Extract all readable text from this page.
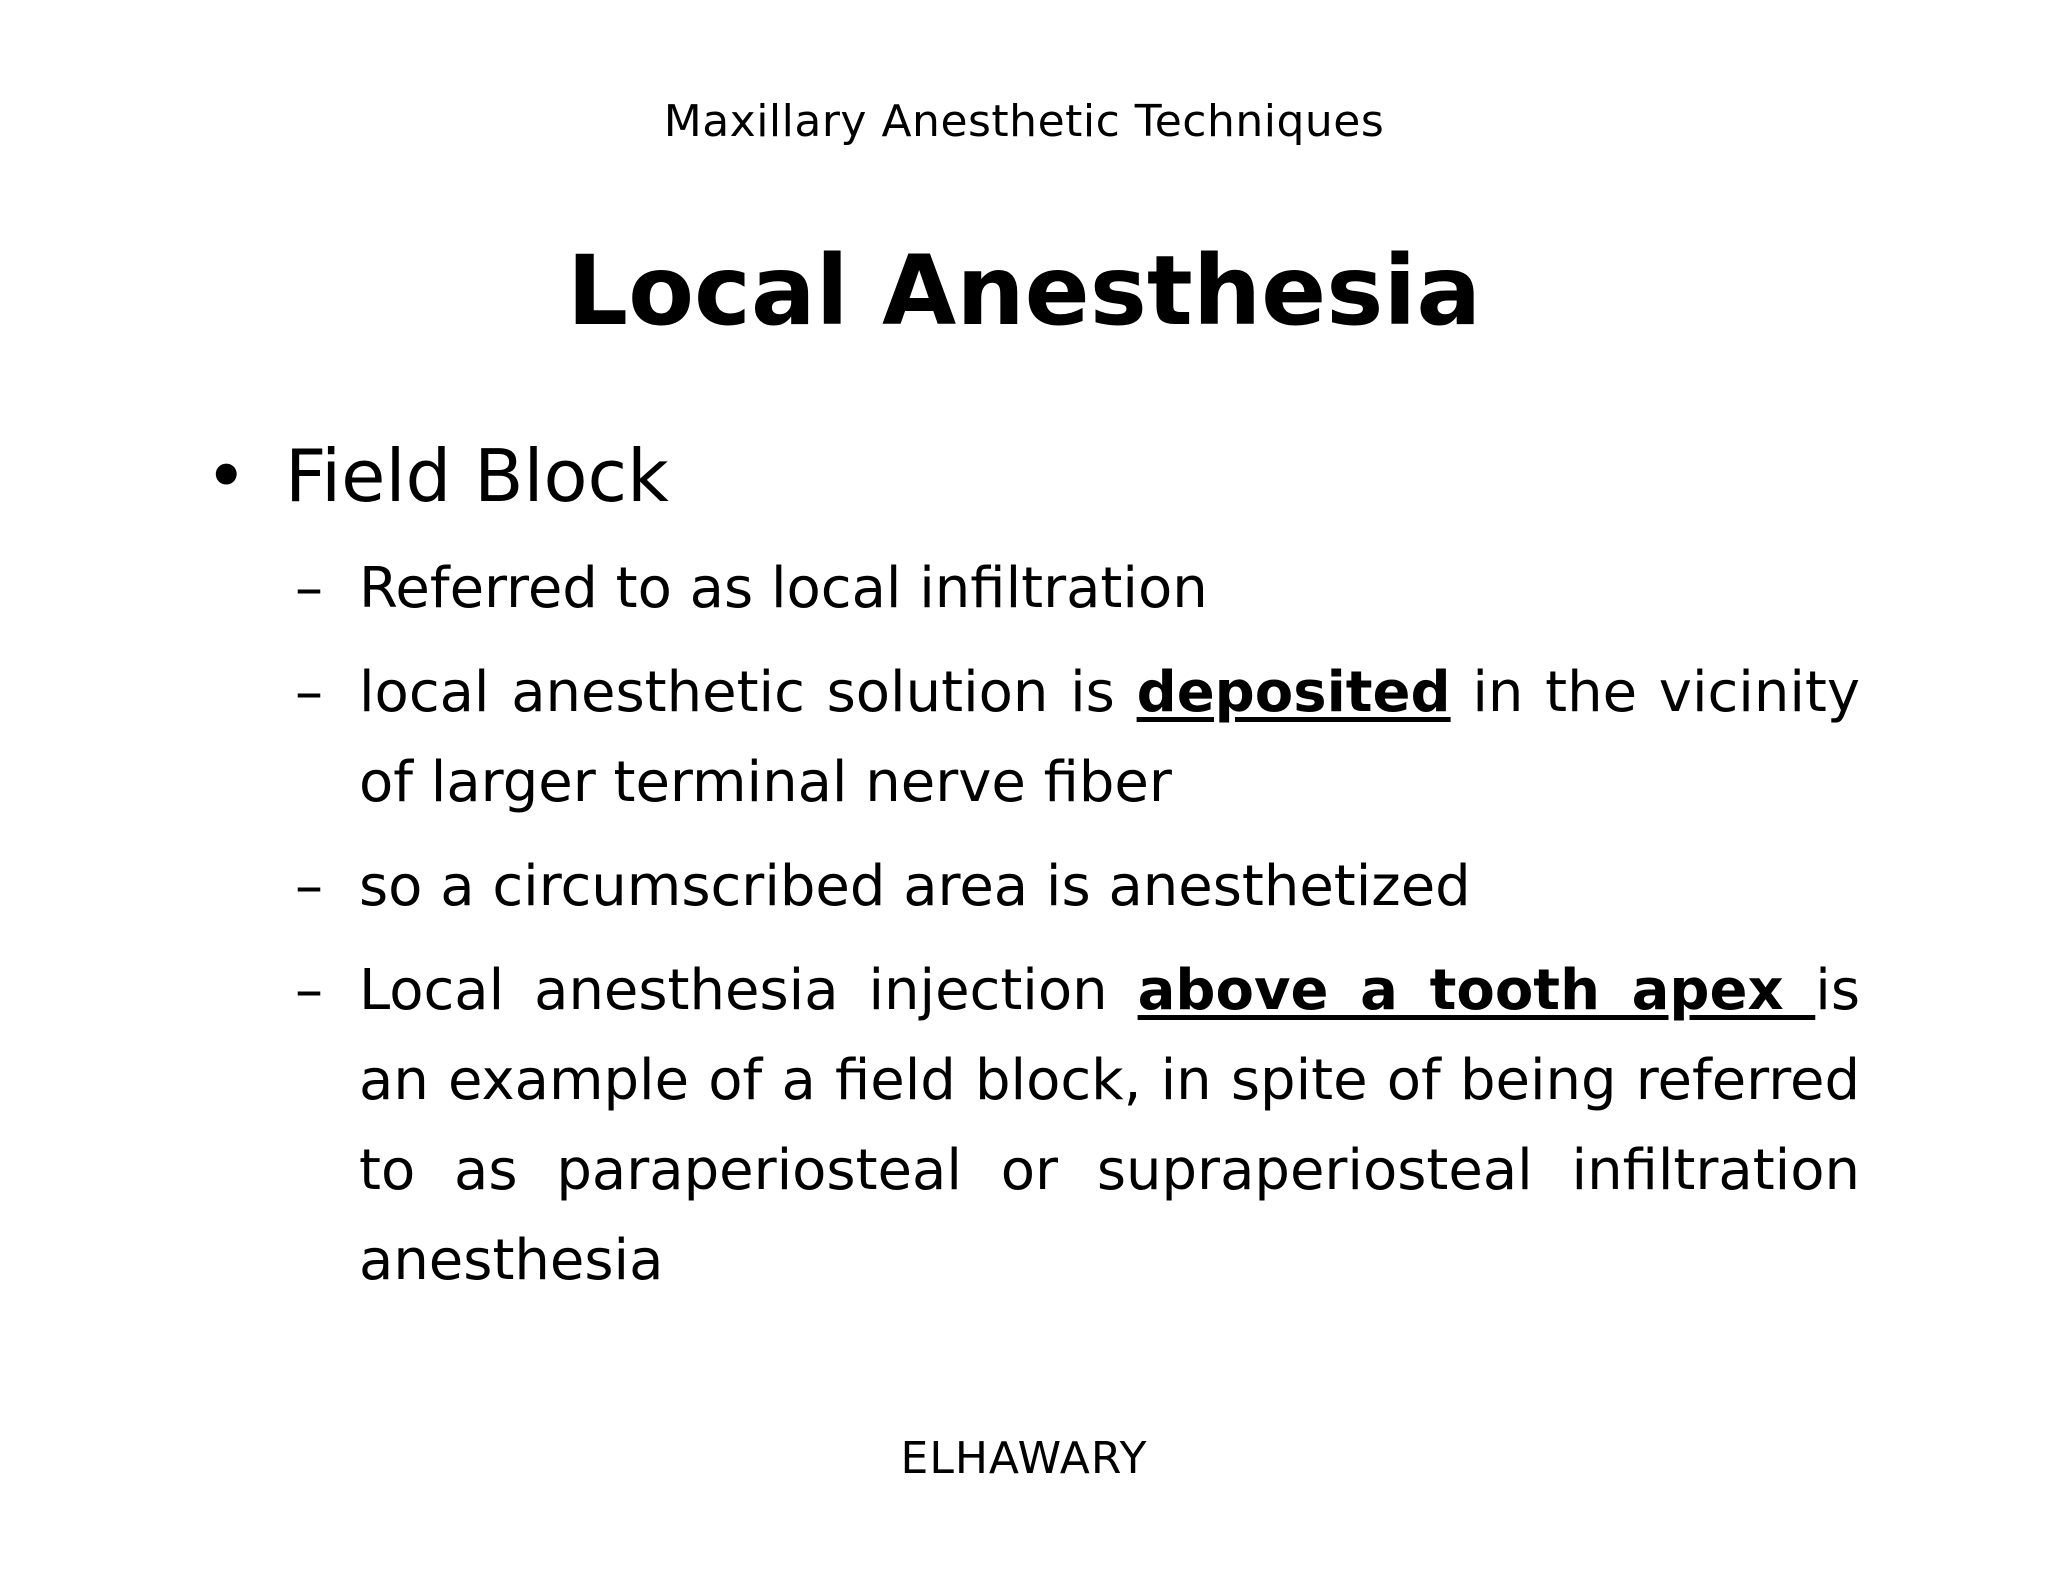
Maxillary Anesthetic Techniques
Local Anesthesia
• Field Block
– Referred to as local infiltration
– local anesthetic solution is deposited in the vicinity of larger terminal nerve fiber
– so a circumscribed area is anesthetized
– Local anesthesia injection above a tooth apex is an example of a field block, in spite of being referred to as paraperiosteal or supraperiosteal infiltration anesthesia
ELHAWARY
